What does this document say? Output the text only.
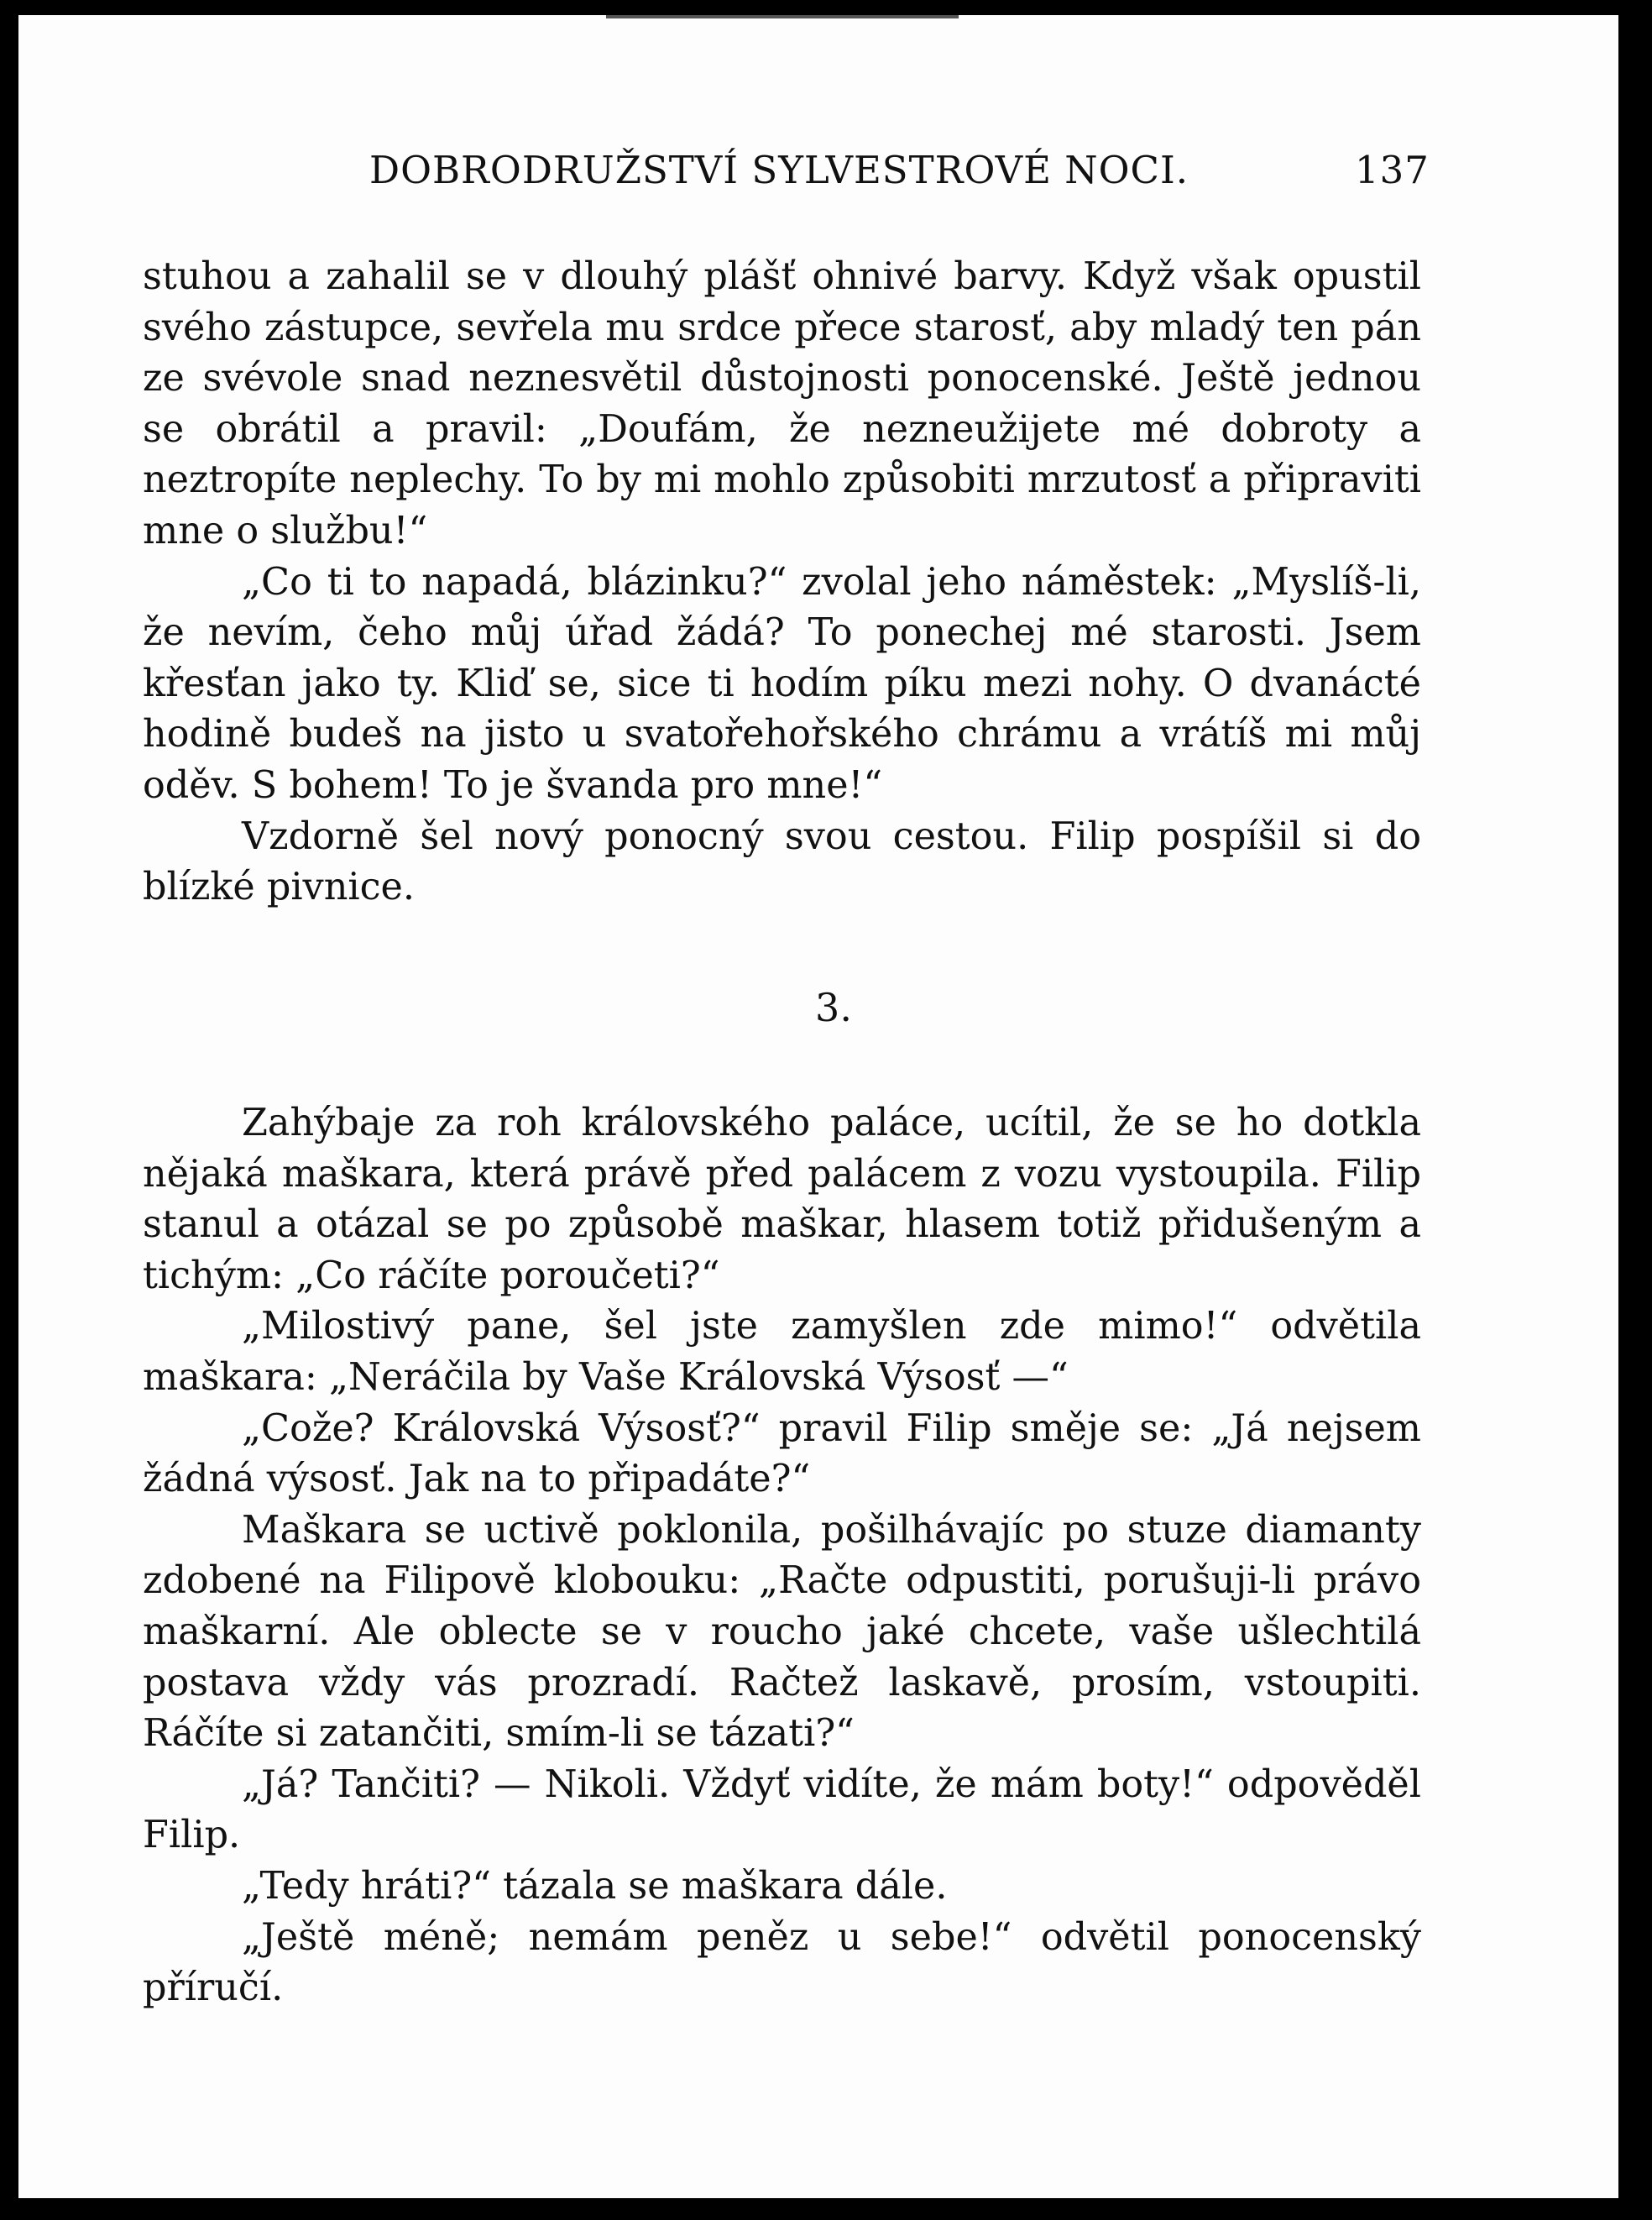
DOBRODRUŽSTVÍ SYLVESTROVÉ NOCI.	137

stuhou a zahalil se v dlouhý plášť ohnivé barvy. Když však opustil svého zástupce, sevřela mu srdce přece starosť, aby mladý ten pán ze svévole snad neznesvětil důstojnosti ponocenské. Ještě jednou se obrátil a pravil: „Doufám, že nezneužijete mé dobroty a neztropíte neplechy. To by mi mohlo způsobiti mrzutosť a připraviti mne o službu!“

„Co ti to napadá, blázinku?“ zvolal jeho náměstek: „Myslíš-li, že nevím, čeho můj úřad žádá? To ponechej mé starosti. Jsem křesťan jako ty. Kliď se, sice ti hodím píku mezi nohy. O dvanácté hodině budeš na jisto u svatořehořského chrámu a vrátíš mi můj oděv. S bohem! To je švanda pro mne!“

Vzdorně šel nový ponocný svou cestou. Filip pospíšil si do blízké pivnice.

3.

Zahýbaje za roh královského paláce, ucítil, že se ho dotkla nějaká maškara, která právě před palácem z vozu vystoupila. Filip stanul a otázal se po způsobě maškar, hlasem totiž přidušeným a tichým: „Co ráčíte poroučeti?“

„Milostivý pane, šel jste zamyšlen zde mimo!“ odvětila maškara: „Neráčila by Vaše Královská Výsosť —“

„Cože? Královská Výsosť?“ pravil Filip směje se: „Já nejsem žádná výsosť. Jak na to připadáte?“

Maškara se uctivě poklonila, pošilhávajíc po stuze diamanty zdobené na Filipově klobouku: „Račte odpustiti, porušuji-li právo maškarní. Ale oblecte se v roucho jaké chcete, vaše ušlechtilá postava vždy vás prozradí. Račtež laskavě, prosím, vstoupiti. Ráčíte si zatančiti, smím-li se tázati?“

„Já? Tančiti? — Nikoli. Vždyť vidíte, že mám boty!“ odpověděl Filip.

„Tedy hráti?“ tázala se maškara dále.

„Ještě méně; nemám peněz u sebe!“ odvětil ponocenský příručí.
